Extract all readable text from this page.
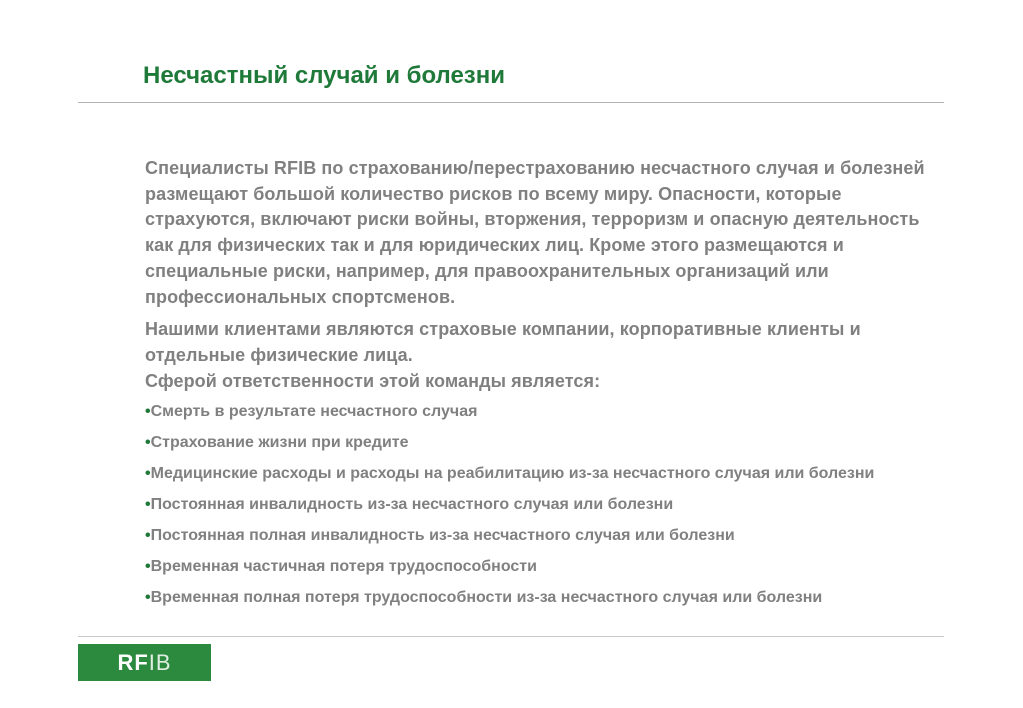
Несчастный случай и болезни

Специалисты RFIB по страхованию/перестрахованию несчастного случая и болезней размещают большой количество рисков по всему миру. Опасности, которые страхуются, включают риски войны, вторжения, терроризм и опасную деятельность как для физических так и для юридических лиц. Кроме этого размещаются и специальные риски, например, для правоохранительных организаций или профессиональных спортсменов.

Нашими клиентами являются страховые компании, корпоративные клиенты и отдельные физические лица.
Сферой ответственности этой команды является:

•Смерть в результате несчастного случая
•Страхование жизни при кредите
•Медицинские расходы и расходы на реабилитацию из-за несчастного случая или болезни
•Постоянная инвалидность из-за несчастного случая или болезни
•Постоянная полная инвалидность из-за несчастного случая или болезни
•Временная частичная потеря трудоспособности
•Временная полная потеря трудоспособности из-за несчастного случая или болезни
RFIB
